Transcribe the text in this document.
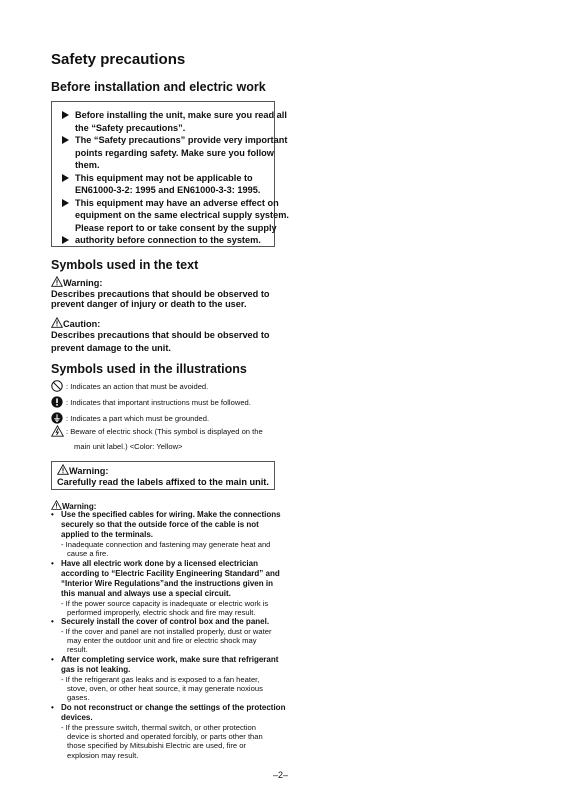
Safety precautions
Before installation and electric work
Before installing the unit, make sure you read all
the “Safety precautions”.
The “Safety precautions” provide very important
points regarding safety. Make sure you follow
them.
This equipment may not be applicable to
EN61000-3-2: 1995 and EN61000-3-3: 1995.
This equipment may have an adverse effect on
equipment on the same electrical supply system.
Please report to or take consent by the supply
authority before connection to the system.
Symbols used in the text
Warning:
Describes precautions that should be observed to
prevent danger of injury or death to the user.
Caution:
Describes precautions that should be observed to
prevent damage to the unit.
Symbols used in the illustrations
: Indicates an action that must be avoided.
: Indicates that important instructions must be followed.
: Indicates a part which must be grounded.
: Beware of electric shock (This symbol is displayed on the
main unit label.) <Color: Yellow>
Warning:
Carefully read the labels affixed to the main unit.
Warning:
• Use the specified cables for wiring. Make the connections
securely so that the outside force of the cable is not
applied to the terminals.
- Inadequate connection and fastening may generate heat and
cause a fire.
• Have all electric work done by a licensed electrician
according to “Electric Facility Engineering Standard” and
“Interior Wire Regulations”and the instructions given in
this manual and always use a special circuit.
- If the power source capacity is inadequate or electric work is
performed improperly, electric shock and fire may result.
• Securely install the cover of control box and the panel.
- If the cover and panel are not installed properly, dust or water
may enter the outdoor unit and fire or electric shock may
result.
• After completing service work, make sure that refrigerant
gas is not leaking.
- If the refrigerant gas leaks and is exposed to a fan heater,
stove, oven, or other heat source, it may generate noxious
gases.
• Do not reconstruct or change the settings of the protection
devices.
- If the pressure switch, thermal switch, or other protection
device is shorted and operated forcibly, or parts other than
those specified by Mitsubishi Electric are used, fire or
explosion may result.
–2–
